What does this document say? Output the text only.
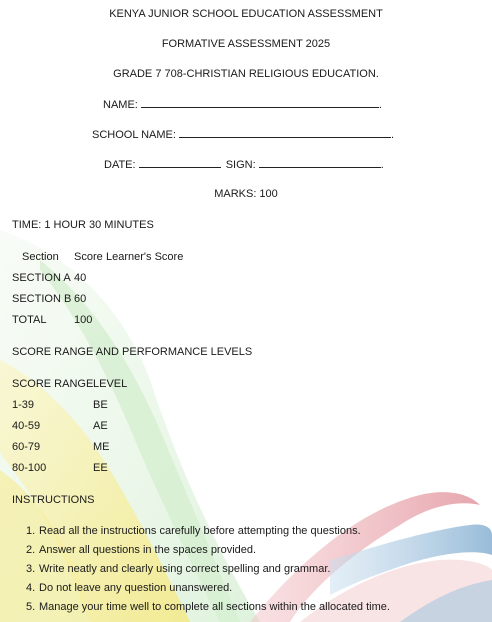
KENYA JUNIOR SCHOOL EDUCATION ASSESSMENT
FORMATIVE ASSESSMENT 2025
GRADE 7 708-CHRISTIAN RELIGIOUS EDUCATION.
NAME:	.
SCHOOL NAME:	.
DATE:	SIGN:	.
MARKS: 100
TIME: 1 HOUR 30 MINUTES
Section Score Learner's Score
SECTION A 40
SECTION B 60
TOTAL	100
SCORE RANGE AND PERFORMANCE LEVELS
SCORE RANGE LEVEL
1-39	BE
40-59	AE
60-79	ME
80-100	EE
INSTRUCTIONS
1. Read all the instructions carefully before attempting the questions.
2. Answer all questions in the spaces provided.
3. Write neatly and clearly using correct spelling and grammar.
4. Do not leave any question unanswered.
5. Manage your time well to complete all sections within the allocated time.
